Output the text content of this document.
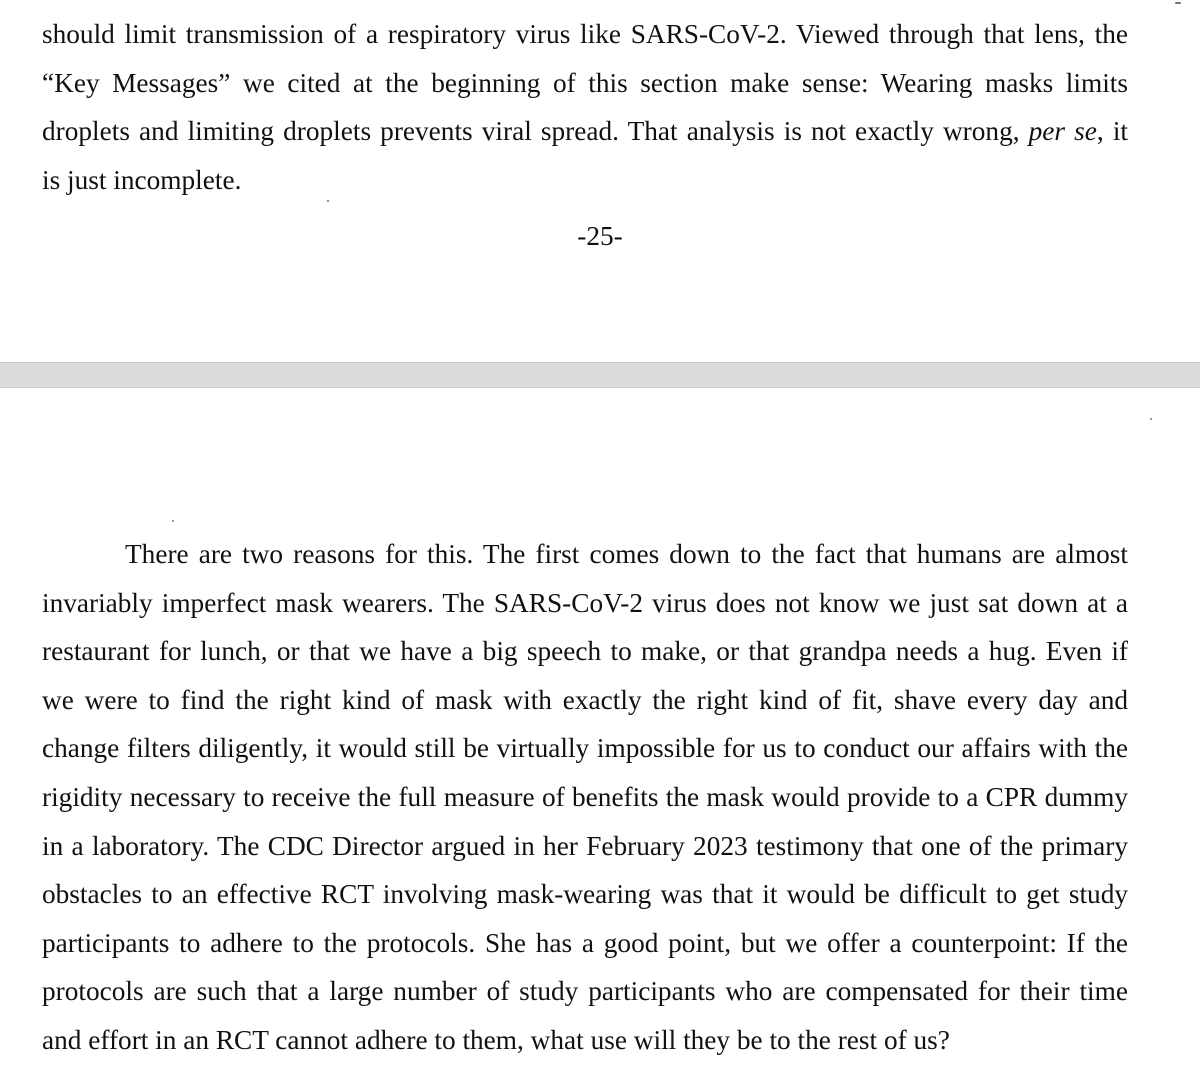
should limit transmission of a respiratory virus like SARS-CoV-2. Viewed through that lens, the
“Key Messages” we cited at the beginning of this section make sense: Wearing masks limits
droplets and limiting droplets prevents viral spread. That analysis is not exactly wrong, per se, it
is just incomplete.

-25-

There are two reasons for this. The first comes down to the fact that humans are almost
invariably imperfect mask wearers. The SARS-CoV-2 virus does not know we just sat down at a
restaurant for lunch, or that we have a big speech to make, or that grandpa needs a hug. Even if
we were to find the right kind of mask with exactly the right kind of fit, shave every day and
change filters diligently, it would still be virtually impossible for us to conduct our affairs with the
rigidity necessary to receive the full measure of benefits the mask would provide to a CPR dummy
in a laboratory. The CDC Director argued in her February 2023 testimony that one of the primary
obstacles to an effective RCT involving mask-wearing was that it would be difficult to get study
participants to adhere to the protocols. She has a good point, but we offer a counterpoint: If the
protocols are such that a large number of study participants who are compensated for their time
and effort in an RCT cannot adhere to them, what use will they be to the rest of us?
